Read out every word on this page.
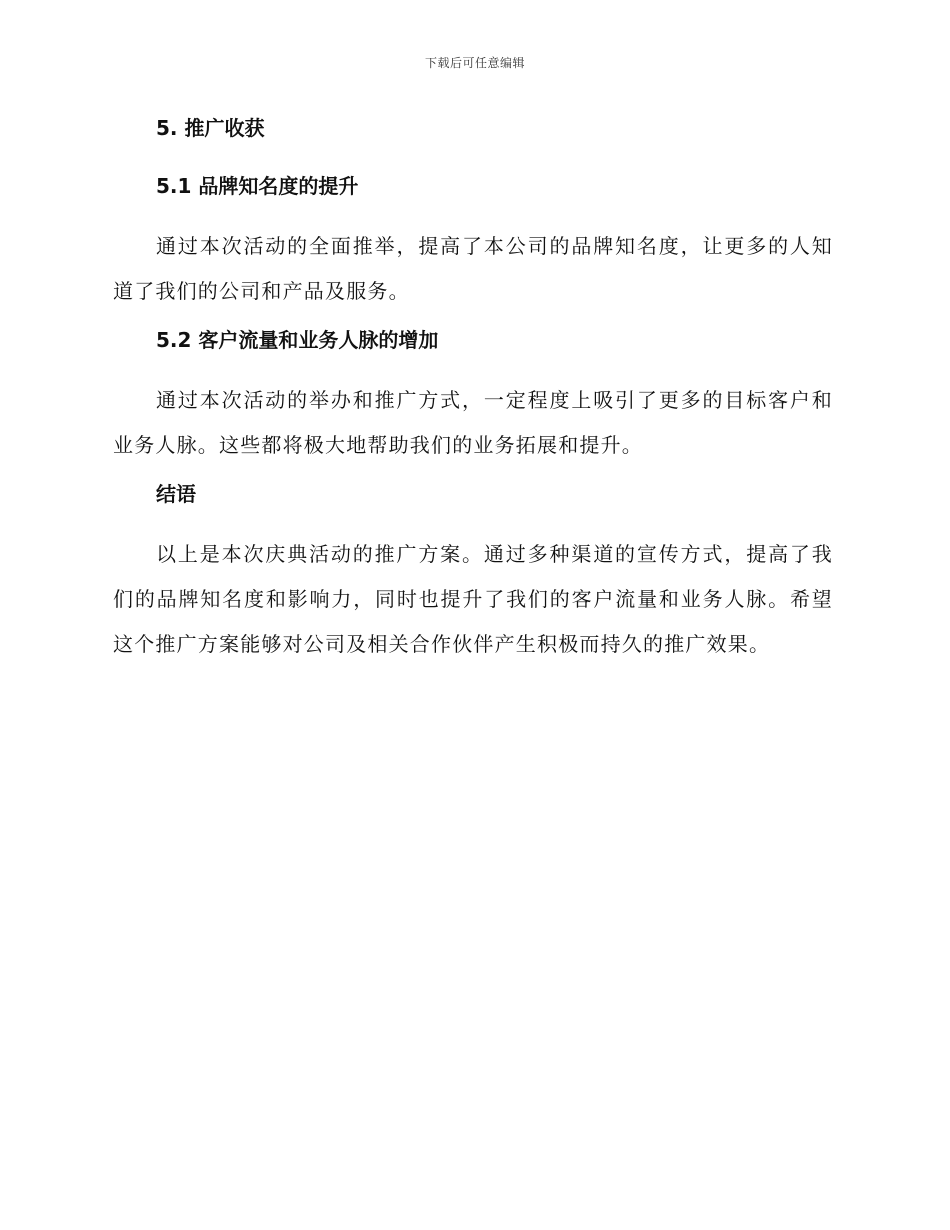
下载后可任意编辑
5. 推广收获
5.1 品牌知名度的提升

通过本次活动的全面推举，提高了本公司的品牌知名度，让更多的人知道了我们的公司和产品及服务。

5.2 客户流量和业务人脉的增加

通过本次活动的举办和推广方式，一定程度上吸引了更多的目标客户和业务人脉。这些都将极大地帮助我们的业务拓展和提升。

结语

以上是本次庆典活动的推广方案。通过多种渠道的宣传方式，提高了我们的品牌知名度和影响力，同时也提升了我们的客户流量和业务人脉。希望这个推广方案能够对公司及相关合作伙伴产生积极而持久的推广效果。
